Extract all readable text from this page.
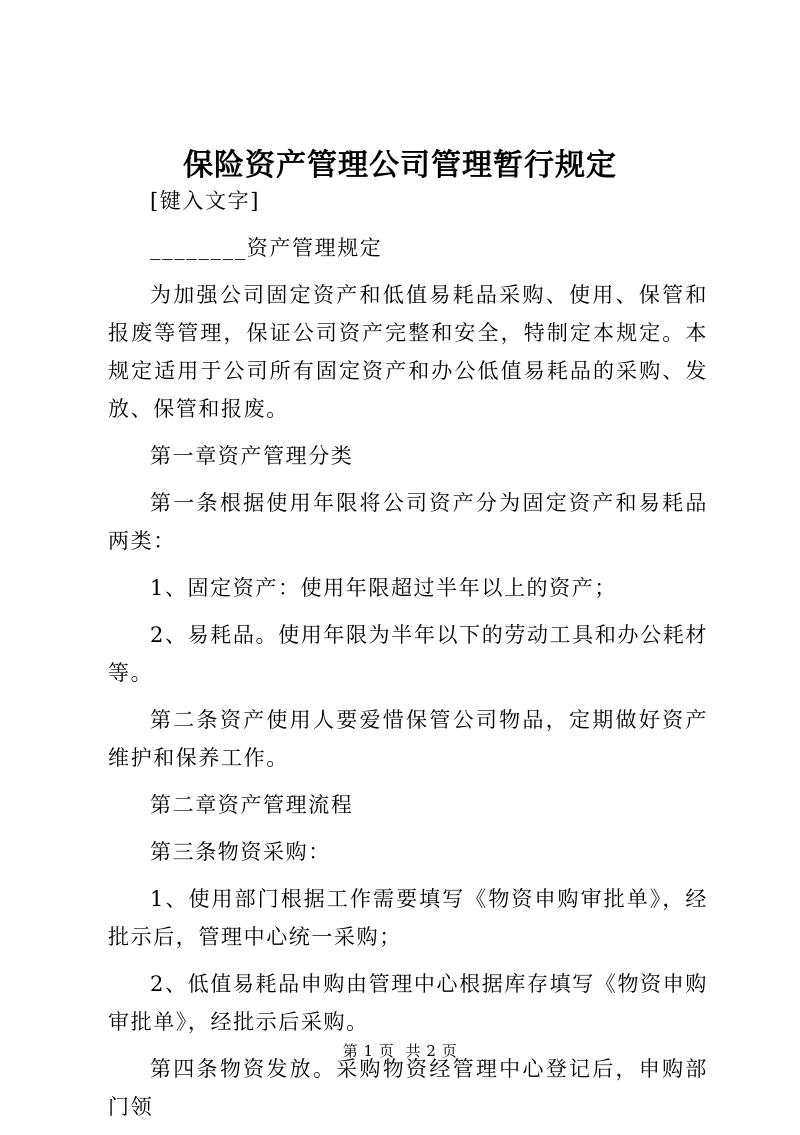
保险资产管理公司管理暂行规定

[键入文字]

________资产管理规定

为加强公司固定资产和低值易耗品采购、使用、保管和报废等管理，保证公司资产完整和安全，特制定本规定。本规定适用于公司所有固定资产和办公低值易耗品的采购、发放、保管和报废。

第一章资产管理分类

第一条根据使用年限将公司资产分为固定资产和易耗品两类：

1、固定资产：使用年限超过半年以上的资产；

2、易耗品。使用年限为半年以下的劳动工具和办公耗材等。

第二条资产使用人要爱惜保管公司物品，定期做好资产维护和保养工作。

第二章资产管理流程

第三条物资采购：

1、使用部门根据工作需要填写《物资申购审批单》，经批示后，管理中心统一采购；

2、低值易耗品申购由管理中心根据库存填写《物资申购审批单》，经批示后采购。

第四条物资发放。采购物资经管理中心登记后，申购部门领

第 1 页 共 2 页
